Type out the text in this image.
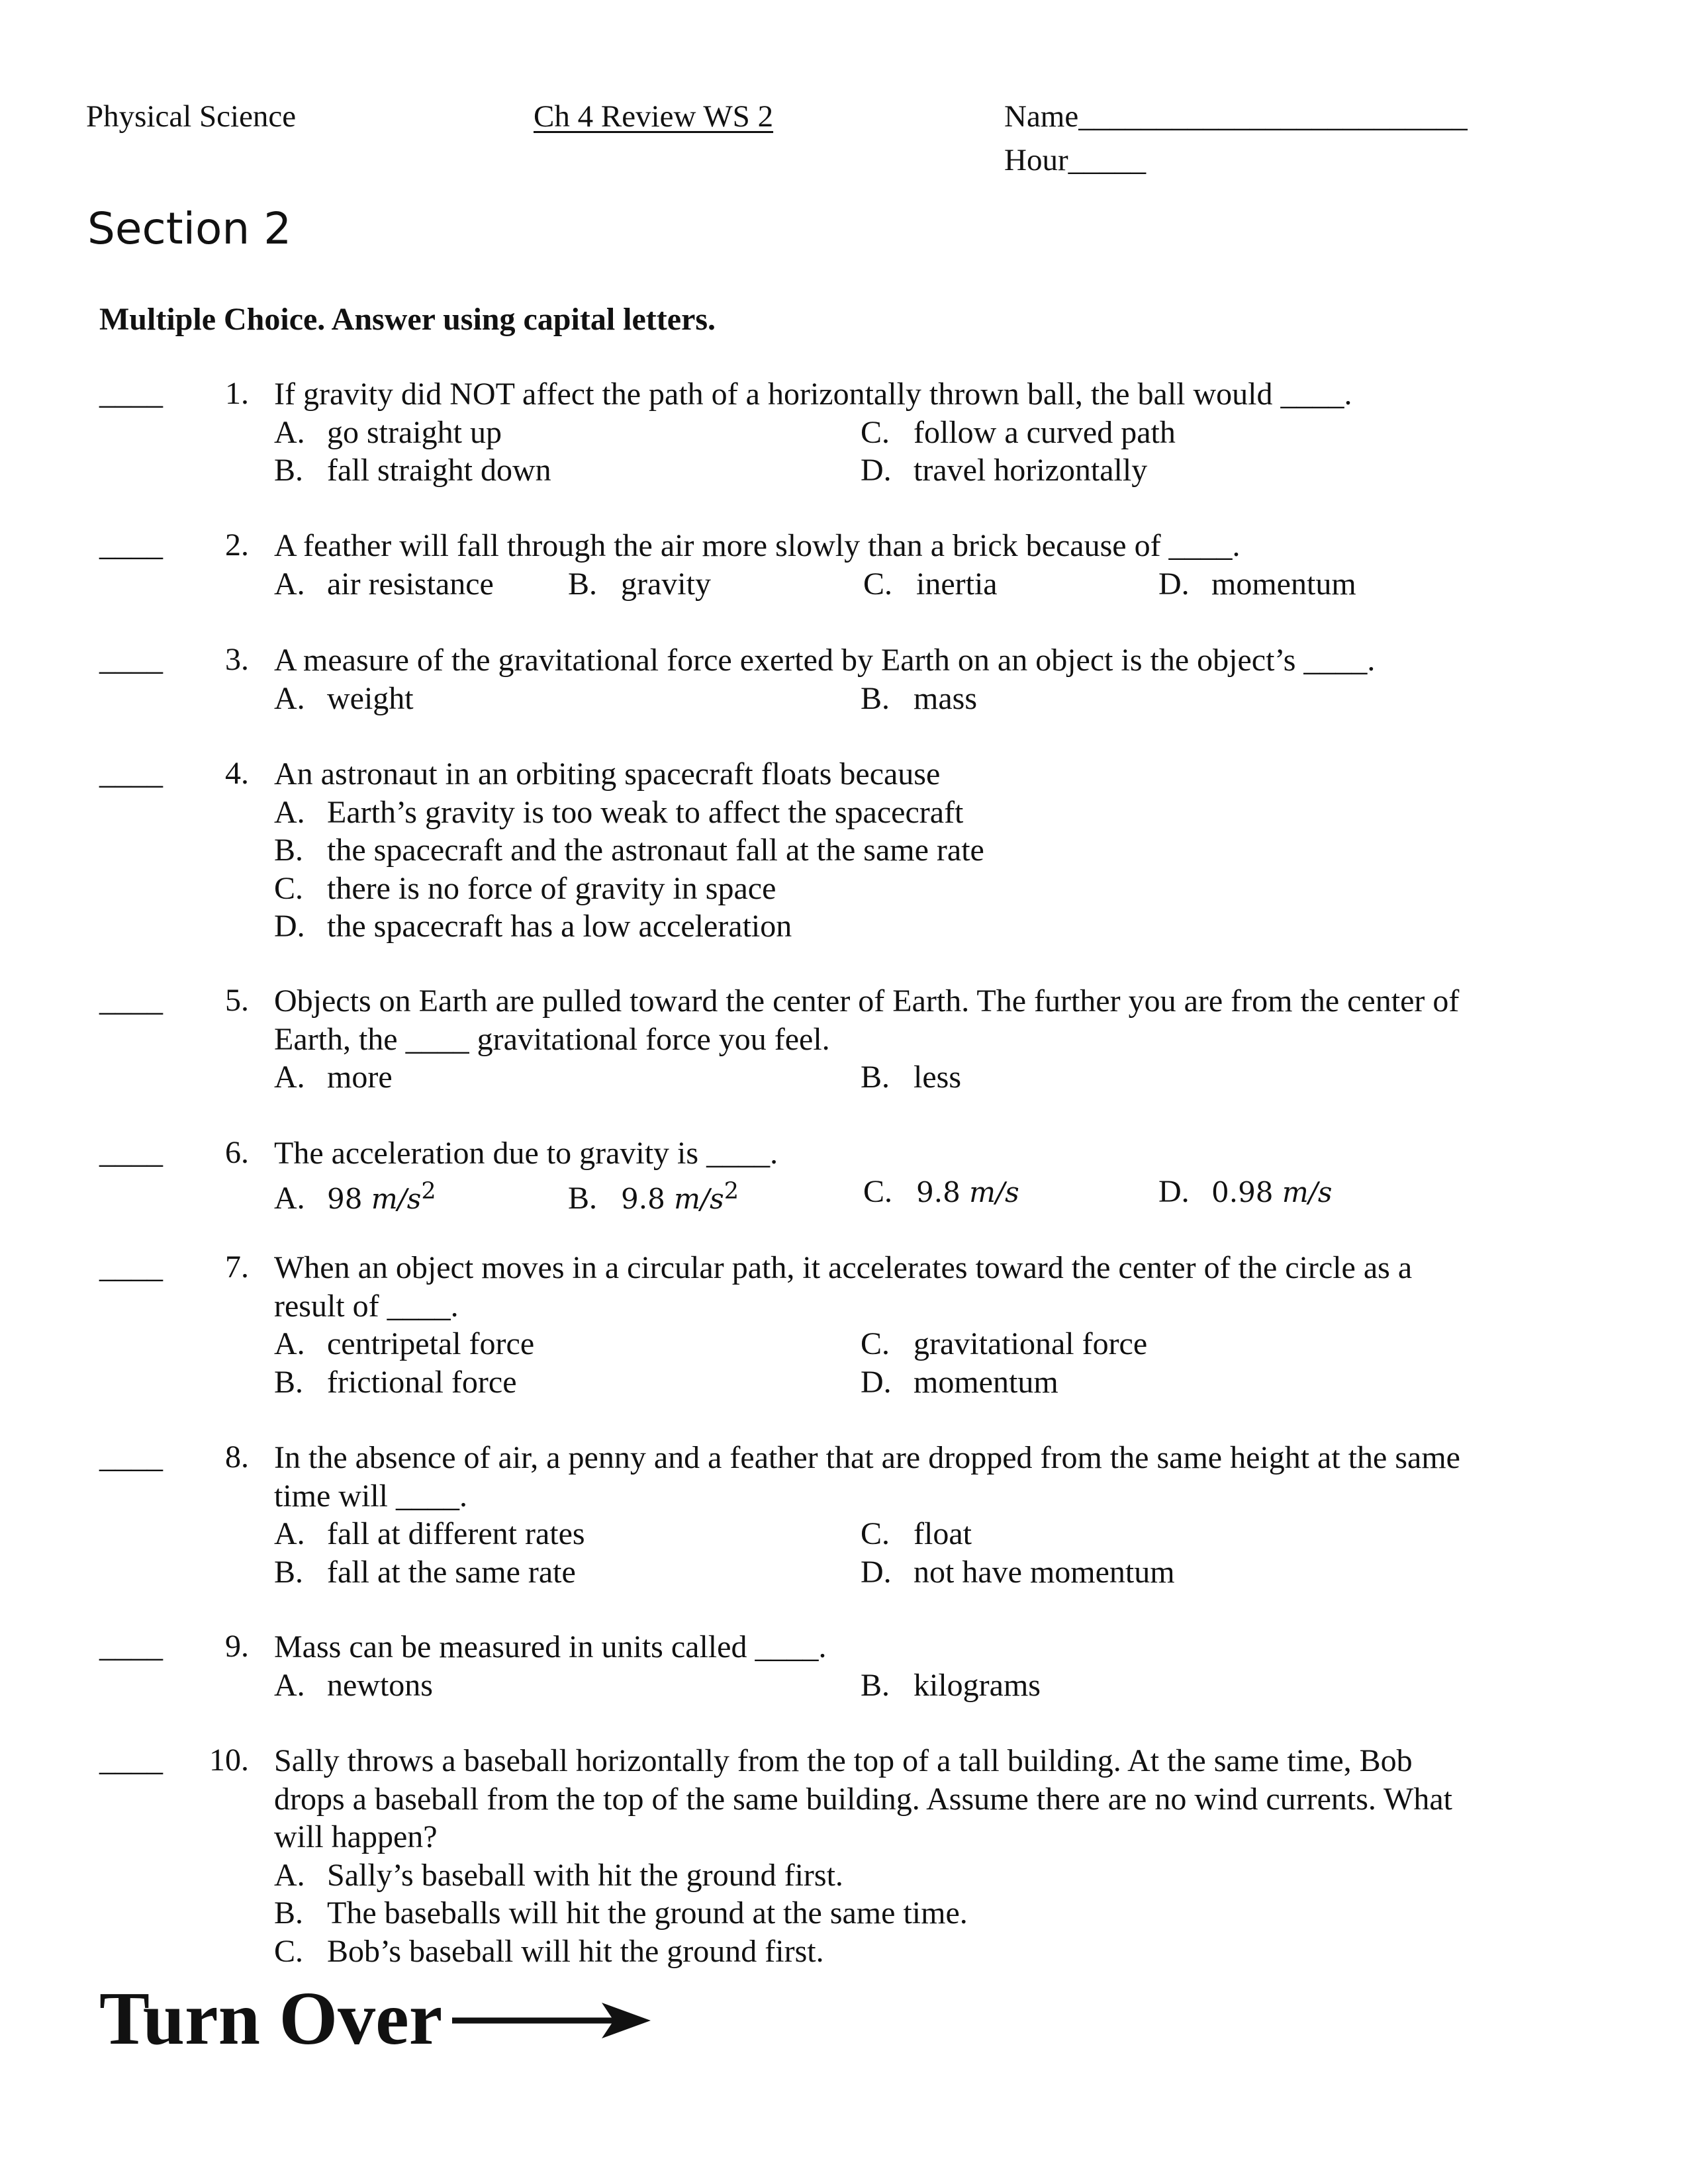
Physical Science	Ch 4 Review WS 2	Name_________________________
Hour_____
Section 2
Multiple Choice. Answer using capital letters.
____	1. If gravity did NOT affect the path of a horizontally thrown ball, the ball would ____.
A. go straight up
B. fall straight down
C. follow a curved path
D. travel horizontally
____	2. A feather will fall through the air more slowly than a brick because of ____.
A. air resistance B. gravity	C. inertia	D. momentum
____	3. A measure of the gravitational force exerted by Earth on an object is the object’s ____.
A. weight	B. mass
____	4. An astronaut in an orbiting spacecraft floats because
A. Earth’s gravity is too weak to affect the spacecraft
B. the spacecraft and the astronaut fall at the same rate
C. there is no force of gravity in space
D. the spacecraft has a low acceleration
____	5. Objects on Earth are pulled toward the center of Earth. The further you are from the center of Earth, the ____ gravitational force you feel.
A. more	B. less
____	6. The acceleration due to gravity is ____.
A. 98 $m/s^2$	B. 9.8 $m/s^2$	C. 9.8 m/s	D. 0.98 m/s
____	7. When an object moves in a circular path, it accelerates toward the center of the circle as a result of ____.
A. centripetal force
B. frictional force
C. gravitational force
D. momentum
____	8. In the absence of air, a penny and a feather that are dropped from the same height at the same time will ____.
A. fall at different rates
B. fall at the same rate
C. float
D. not have momentum
____	9. Mass can be measured in units called ____.
A. newtons	B. kilograms
____	10. Sally throws a baseball horizontally from the top of a tall building. At the same time, Bob drops a baseball from the top of the same building. Assume there are no wind currents. What will happen?
A. Sally’s baseball with hit the ground first.
B. The baseballs will hit the ground at the same time.
C. Bob’s baseball will hit the ground first.
Turn Over
